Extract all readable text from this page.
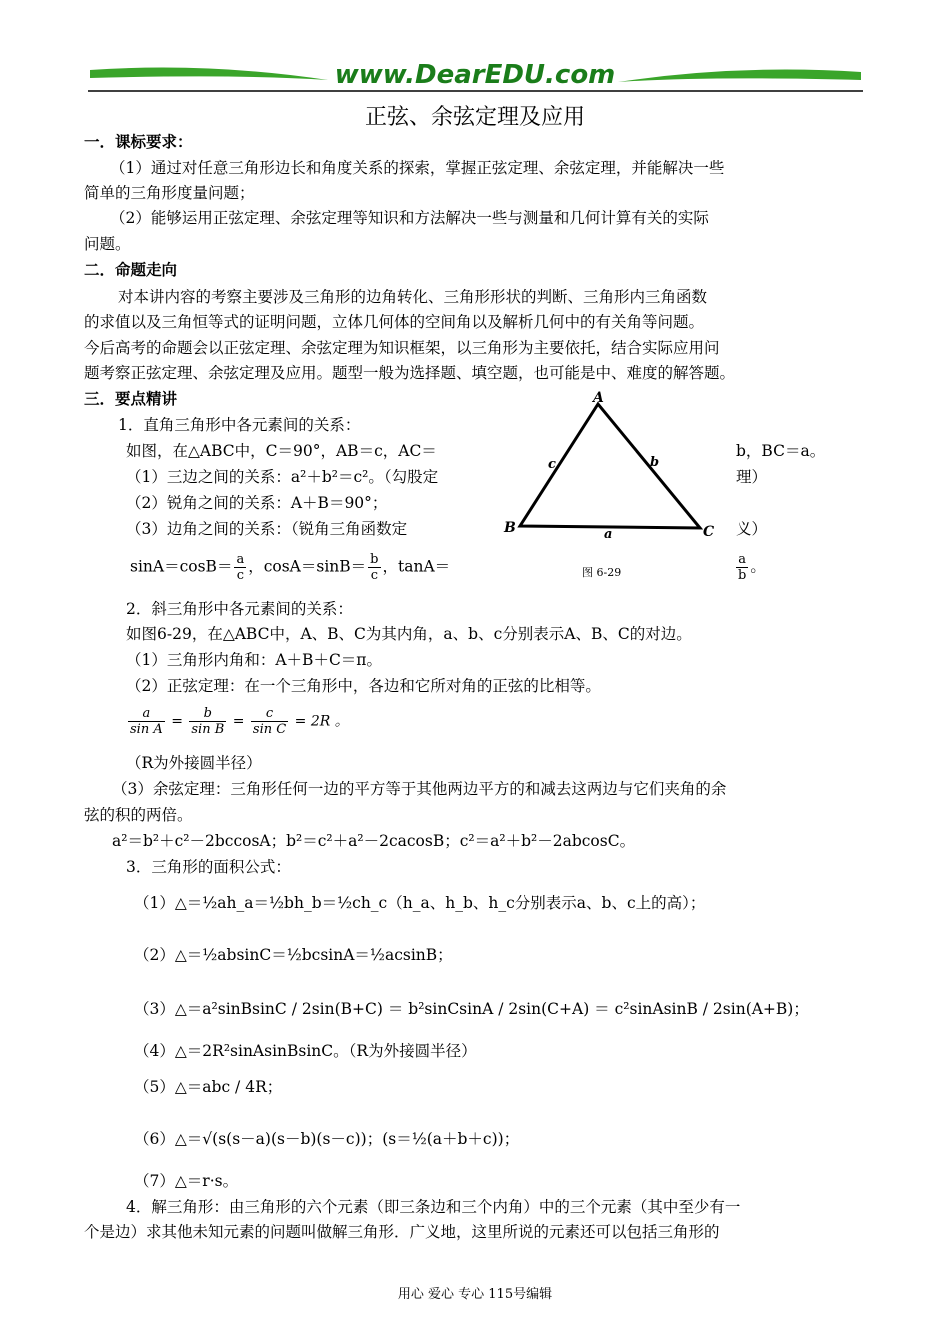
www.DearEDU.com
正弦、余弦定理及应用
一．课标要求：
（1）通过对任意三角形边长和角度关系的探索，掌握正弦定理、余弦定理，并能解决一些
简单的三角形度量问题；
（2）能够运用正弦定理、余弦定理等知识和方法解决一些与测量和几何计算有关的实际
问题。
二．命题走向
对本讲内容的考察主要涉及三角形的边角转化、三角形形状的判断、三角形内三角函数
的求值以及三角恒等式的证明问题，立体几何体的空间角以及解析几何中的有关角等问题。
今后高考的命题会以正弦定理、余弦定理为知识框架，以三角形为主要依托，结合实际应用问
题考察正弦定理、余弦定理及应用。题型一般为选择题、填空题，也可能是中、难度的解答题。
三．要点精讲
1．直角三角形中各元素间的关系：
如图，在△ABC中，C＝90°，AB＝c，AC＝	b，BC＝a。
（1）三边之间的关系：a²＋b²＝c²。（勾股定	理）
（2）锐角之间的关系：A＋B＝90°；
（3）边角之间的关系：（锐角三角函数定	义）
$\sin A=\cos B= \frac{a}{c}$ ，$\cos A=\sin B= \frac{b}{c}$ ，tanA＝	$\frac{a}{b}$ 。
A
B	C
c	b
a
图 6-29
2．斜三角形中各元素间的关系：
如图6-29，在△ABC中，A、B、C为其内角，a、b、c分别表示A、B、C的对边。
（1）三角形内角和：A＋B＋C＝π。
（2）正弦定理：在一个三角形中，各边和它所对角的正弦的比相等。
$\frac{a}{\text{sin A}} = \frac{b}{\text{sin B}} = \frac{c}{\text{sin C}} = 2R$ 。
（R为外接圆半径）
（3）余弦定理：三角形任何一边的平方等于其他两边平方的和减去这两边与它们夹角的余
弦的积的两倍。
a²＝b²＋c²－2bccosA；b²＝c²＋a²－2cacosB；c²＝a²＋b²－2abcosC。
3．三角形的面积公式：
（1）△＝½ah_a＝½bh_b＝½ch_c（h_a、h_b、h_c分别表示a、b、c上的高）；
（2）△＝½absinC＝½bcsinA＝½acsinB；
（3）△＝a²sinBsinC / 2sin(B+C) ＝ b²sinCsinA / 2sin(C+A) ＝ c²sinAsinB / 2sin(A+B)；
（4）△＝2R²sinAsinBsinC。（R为外接圆半径）
（5）△＝abc / 4R；
（6）△＝√(s(s－a)(s－b)(s－c))；(s＝½(a＋b＋c))；
（7）△＝r·s。
4．解三角形：由三角形的六个元素（即三条边和三个内角）中的三个元素（其中至少有一
个是边）求其他未知元素的问题叫做解三角形．广义地，这里所说的元素还可以包括三角形的
用心 爱心 专心 115号编辑
